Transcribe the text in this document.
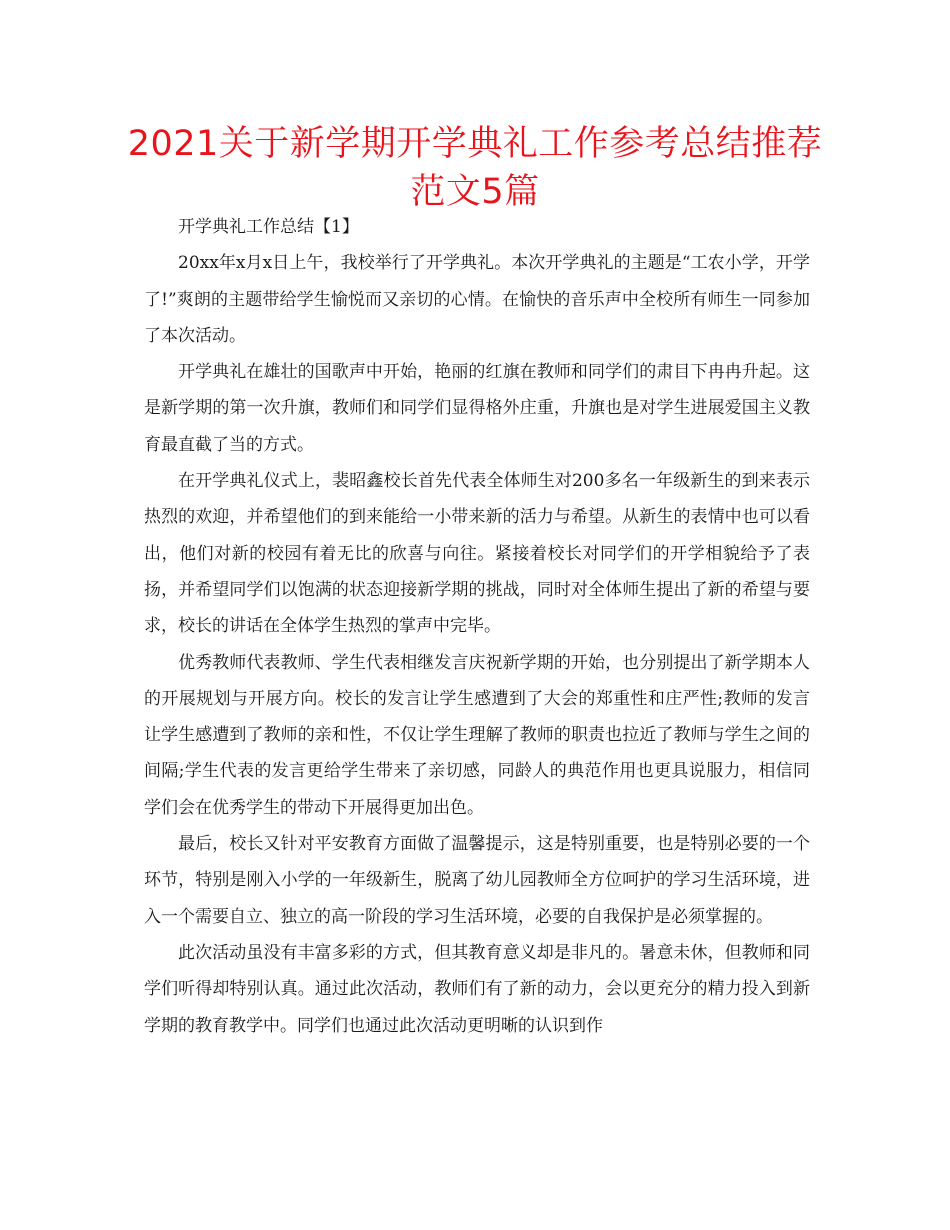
2021关于新学期开学典礼工作参考总结推荐范文5篇

开学典礼工作总结【1】

20xx年x月x日上午，我校举行了开学典礼。本次开学典礼的主题是“工农小学，开学了!”爽朗的主题带给学生愉悦而又亲切的心情。在愉快的音乐声中全校所有师生一同参加了本次活动。

开学典礼在雄壮的国歌声中开始，艳丽的红旗在教师和同学们的肃目下冉冉升起。这是新学期的第一次升旗，教师们和同学们显得格外庄重，升旗也是对学生进展爱国主义教育最直截了当的方式。

在开学典礼仪式上，裴昭鑫校长首先代表全体师生对200多名一年级新生的到来表示热烈的欢迎，并希望他们的到来能给一小带来新的活力与希望。从新生的表情中也可以看出，他们对新的校园有着无比的欣喜与向往。紧接着校长对同学们的开学相貌给予了表扬，并希望同学们以饱满的状态迎接新学期的挑战，同时对全体师生提出了新的希望与要求，校长的讲话在全体学生热烈的掌声中完毕。

优秀教师代表教师、学生代表相继发言庆祝新学期的开始，也分别提出了新学期本人的开展规划与开展方向。校长的发言让学生感遭到了大会的郑重性和庄严性;教师的发言让学生感遭到了教师的亲和性，不仅让学生理解了教师的职责也拉近了教师与学生之间的间隔;学生代表的发言更给学生带来了亲切感，同龄人的典范作用也更具说服力，相信同学们会在优秀学生的带动下开展得更加出色。

最后，校长又针对平安教育方面做了温馨提示，这是特别重要，也是特别必要的一个环节，特别是刚入小学的一年级新生，脱离了幼儿园教师全方位呵护的学习生活环境，进入一个需要自立、独立的高一阶段的学习生活环境，必要的自我保护是必须掌握的。

此次活动虽没有丰富多彩的方式，但其教育意义却是非凡的。暑意未休，但教师和同学们听得却特别认真。通过此次活动，教师们有了新的动力，会以更充分的精力投入到新学期的教育教学中。同学们也通过此次活动更明晰的认识到作
